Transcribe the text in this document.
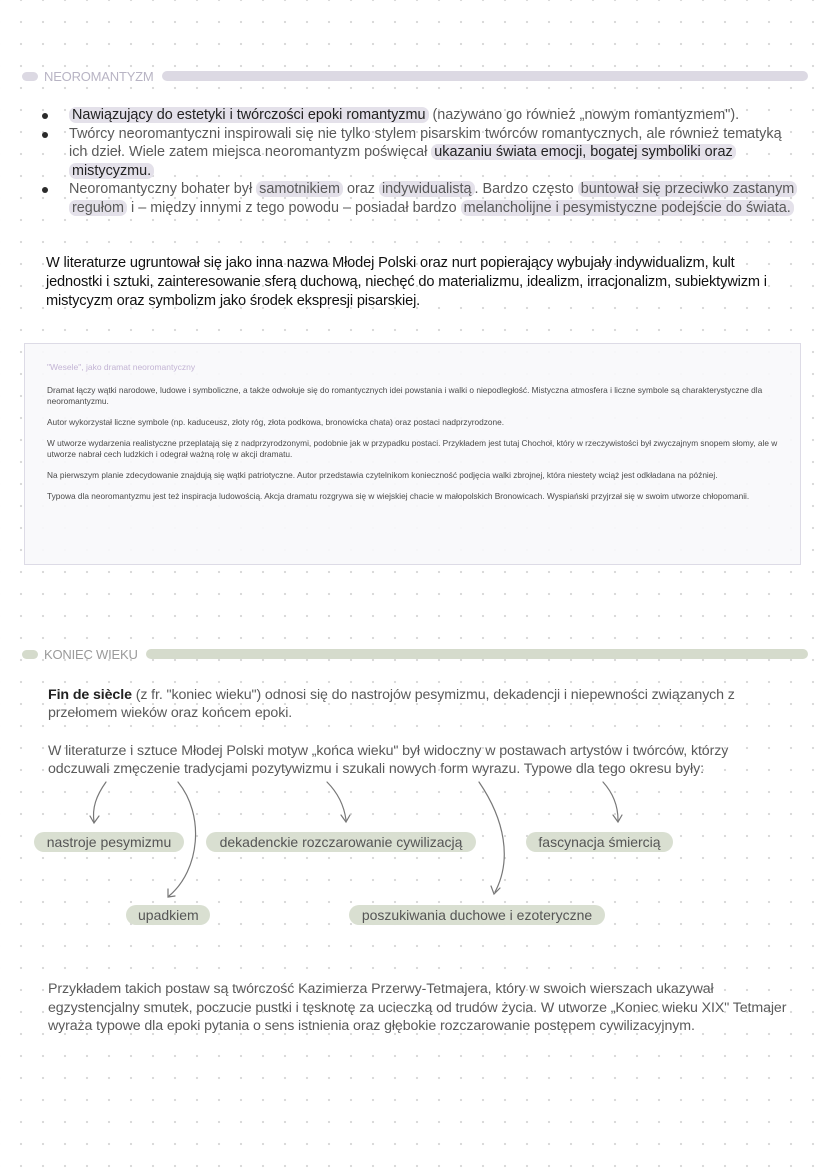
NEOROMANTYZM
Nawiązujący do estetyki i twórczości epoki romantyzmu (nazywano go również „nowym romantyzmem").
Twórcy neoromantyczni inspirowali się nie tylko stylem pisarskim twórców romantycznych, ale również tematyką ich dzieł. Wiele zatem miejsca neoromantyzm poświęcał ukazaniu świata emocji, bogatej symboliki oraz mistycyzmu.
Neoromantyczny bohater był samotnikiem oraz indywidualistą . Bardzo często buntował się przeciwko zastanym regułom i – między innymi z tego powodu – posiadał bardzo melancholijne i pesymistyczne podejście do świata.

W literaturze ugruntował się jako inna nazwa Młodej Polski oraz nurt popierający wybujały indywidualizm, kult jednostki i sztuki, zainteresowanie sferą duchową, niechęć do materializmu, idealizm, irracjonalizm, subiektywizm i mistycyzm oraz symbolizm jako środek ekspresji pisarskiej.

"Wesele", jako dramat neoromantyczny

Dramat łączy wątki narodowe, ludowe i symboliczne, a także odwołuje się do romantycznych idei powstania i walki o niepodległość. Mistyczna atmosfera i liczne symbole są charakterystyczne dla neoromantyzmu.

Autor wykorzystał liczne symbole (np. kaduceusz, złoty róg, złota podkowa, bronowicka chata) oraz postaci nadprzyrodzone.

W utworze wydarzenia realistyczne przeplatają się z nadprzyrodzonymi, podobnie jak w przypadku postaci. Przykładem jest tutaj Chochoł, który w rzeczywistości był zwyczajnym snopem słomy, ale w utworze nabrał cech ludzkich i odegrał ważną rolę w akcji dramatu.

Na pierwszym planie zdecydowanie znajdują się wątki patriotyczne. Autor przedstawia czytelnikom konieczność podjęcia walki zbrojnej, która niestety wciąż jest odkładana na później.

Typowa dla neoromantyzmu jest też inspiracja ludowością. Akcja dramatu rozgrywa się w wiejskiej chacie w małopolskich Bronowicach. Wyspiański przyjrzał się w swoim utworze chłopomanii.

KONIEC WIEKU

Fin de siècle (z fr. "koniec wieku") odnosi się do nastrojów pesymizmu, dekadencji i niepewności związanych z przełomem wieków oraz końcem epoki.

W literaturze i sztuce Młodej Polski motyw „końca wieku" był widoczny w postawach artystów i twórców, którzy odczuwali zmęczenie tradycjami pozytywizmu i szukali nowych form wyrazu. Typowe dla tego okresu były:

nastroje pesymizmu	dekadenckie rozczarowanie cywilizacją	fascynacja śmiercią
upadkiem	poszukiwania duchowe i ezoteryczne

Przykładem takich postaw są twórczość Kazimierza Przerwy-Tetmajera, który w swoich wierszach ukazywał egzystencjalny smutek, poczucie pustki i tęsknotę za ucieczką od trudów życia. W utworze „Koniec wieku XIX" Tetmajer wyraża typowe dla epoki pytania o sens istnienia oraz głębokie rozczarowanie postępem cywilizacyjnym.
